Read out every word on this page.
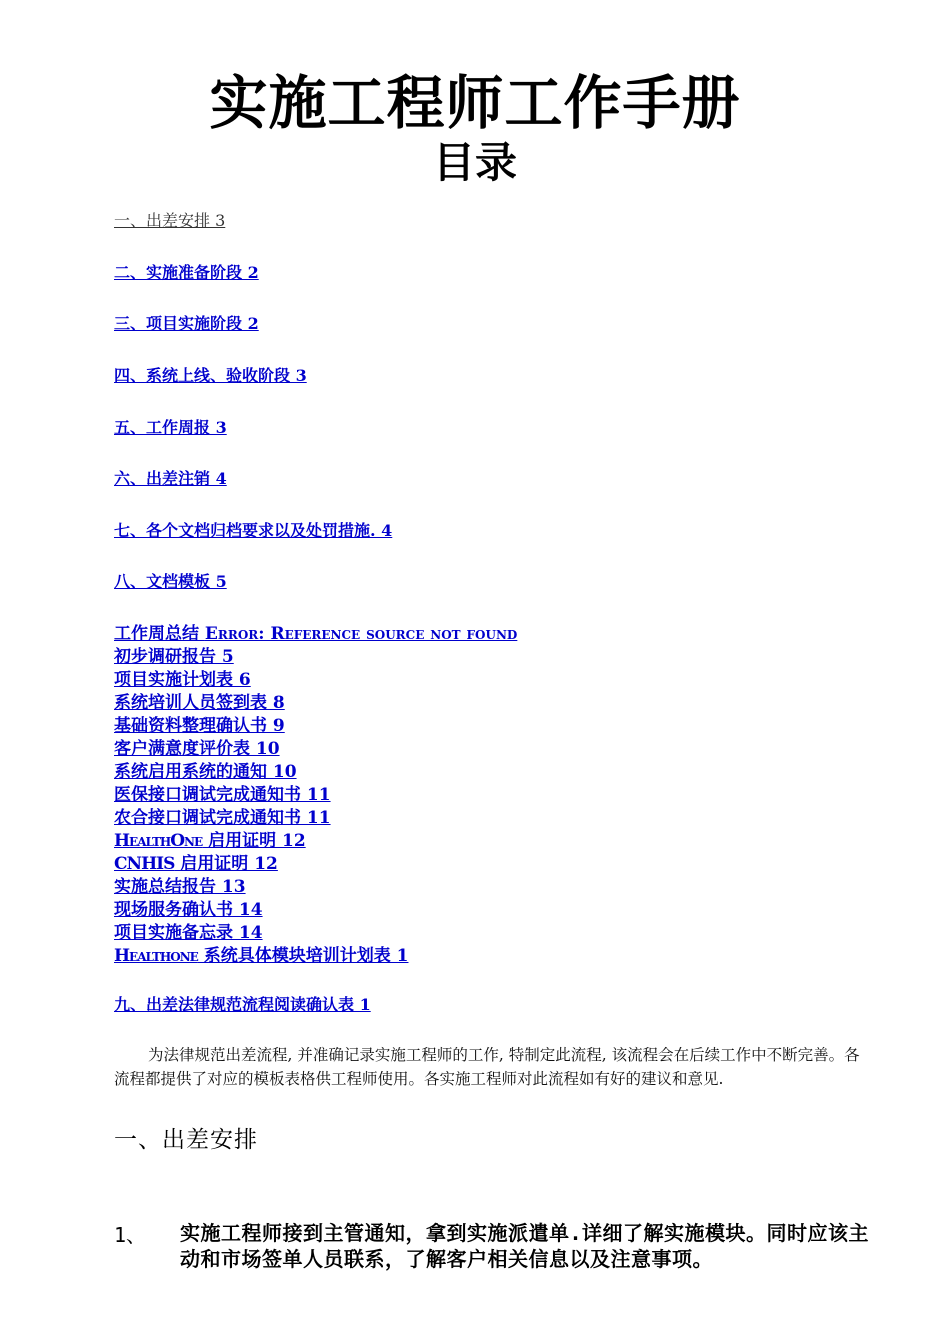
实施工程师工作手册
目录
一、出差安排 3
二、实施准备阶段 2
三、项目实施阶段 2
四、系统上线、验收阶段 3
五、工作周报 3
六、出差注销 4
七、各个文档归档要求以及处罚措施. 4
八、文档模板 5
工作周总结 Error: Reference source not found
初步调研报告 5
项目实施计划表 6
系统培训人员签到表 8
基础资料整理确认书 9
客户满意度评价表 10
系统启用系统的通知 10
医保接口调试完成通知书 11
农合接口调试完成通知书 11
HealthOne 启用证明 12
CNHIS 启用证明 12
实施总结报告 13
现场服务确认书 14
项目实施备忘录 14
Healthone 系统具体模块培训计划表 1
九、出差法律规范流程阅读确认表 1
为法律规范出差流程, 并准确记录实施工程师的工作, 特制定此流程, 该流程会在后续工作中不断完善。各流程都提供了对应的模板表格供工程师使用。各实施工程师对此流程如有好的建议和意见.
一、出差安排
1、 实施工程师接到主管通知，拿到实施派遣单.详细了解实施模块。同时应该主动和市场签单人员联系，了解客户相关信息以及注意事项。
